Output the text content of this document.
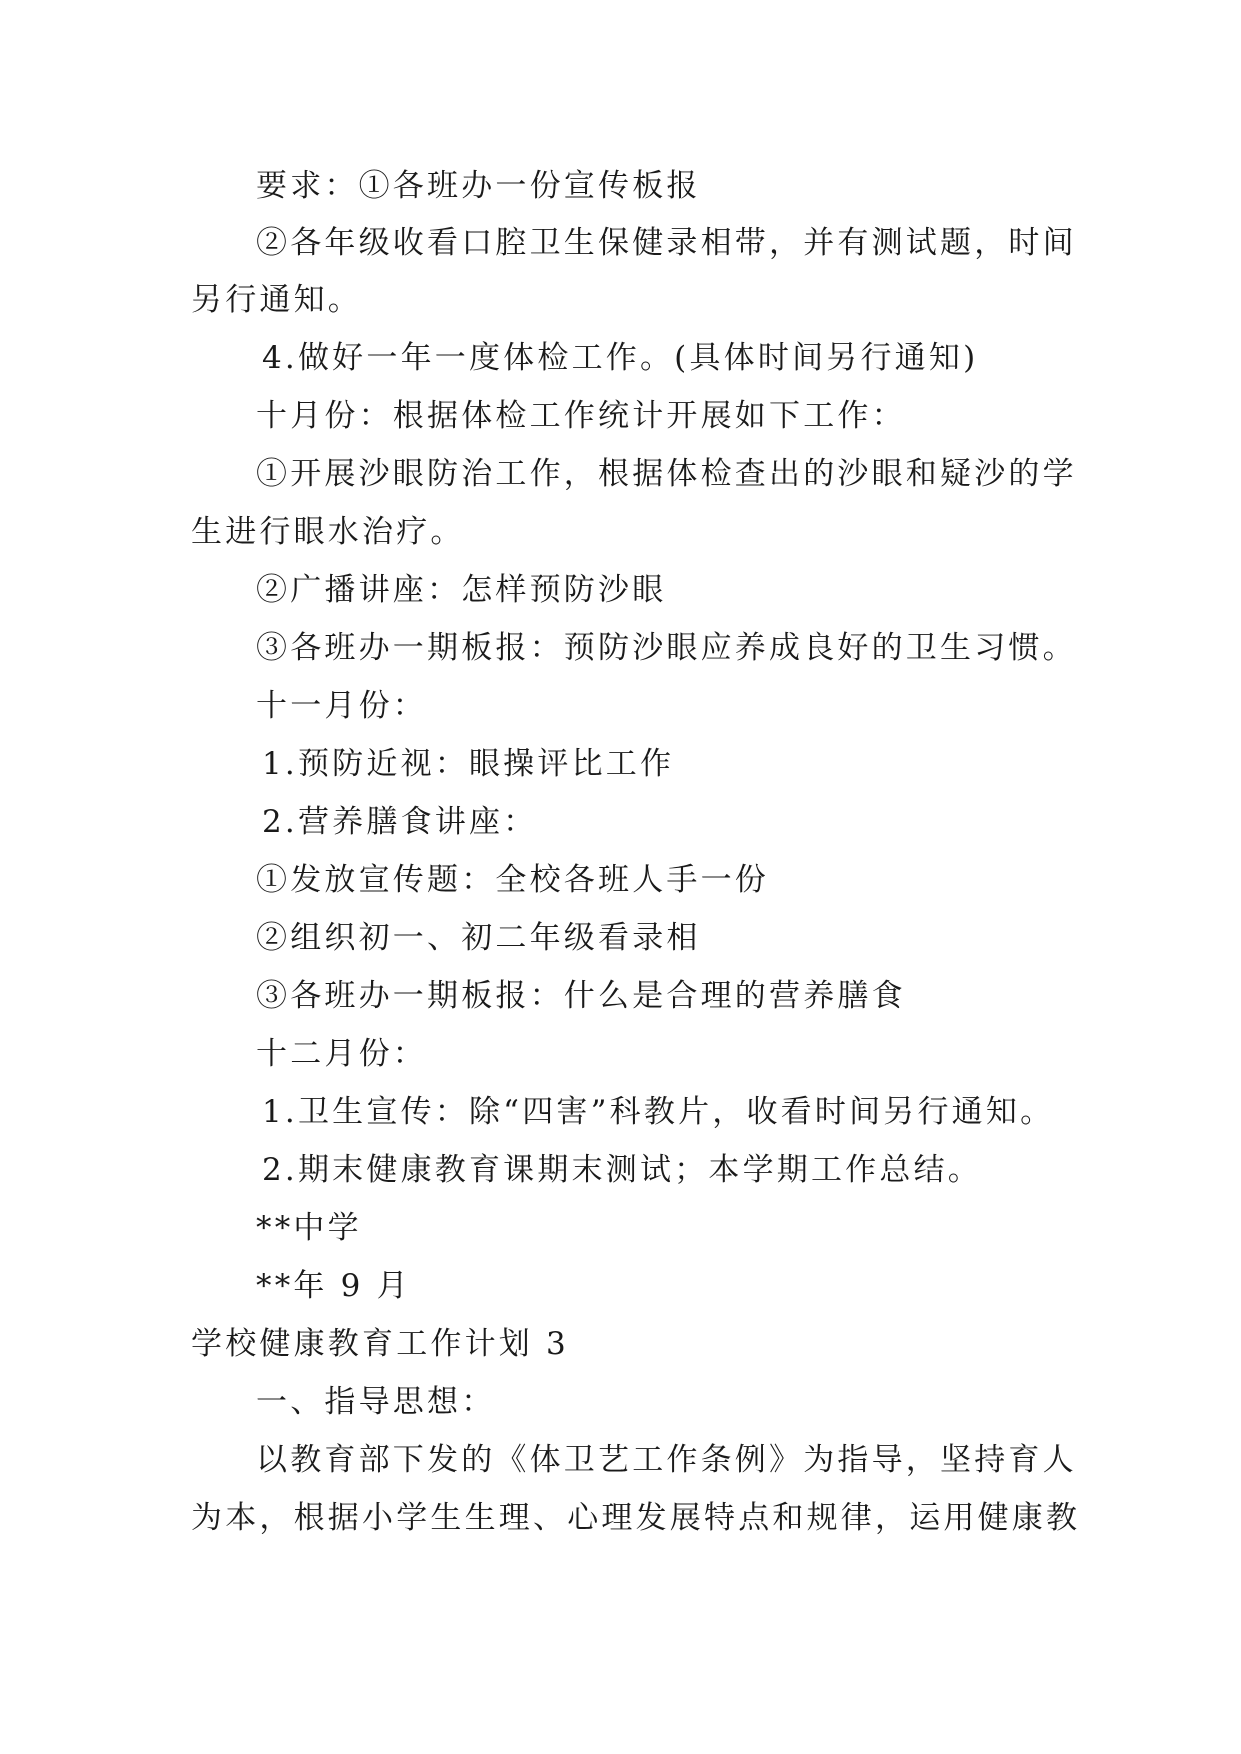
要求：①各班办一份宣传板报
②各年级收看口腔卫生保健录相带，并有测试题，时间
另行通知。
4.做好一年一度体检工作。(具体时间另行通知)
十月份：根据体检工作统计开展如下工作：
①开展沙眼防治工作，根据体检查出的沙眼和疑沙的学
生进行眼水治疗。
②广播讲座：怎样预防沙眼
③各班办一期板报：预防沙眼应养成良好的卫生习惯。
十一月份：
1.预防近视：眼操评比工作
2.营养膳食讲座：
①发放宣传题：全校各班人手一份
②组织初一、初二年级看录相
③各班办一期板报：什么是合理的营养膳食
十二月份：
1.卫生宣传：除“四害”科教片，收看时间另行通知。
2.期末健康教育课期末测试；本学期工作总结。
**中学
**年 9 月
学校健康教育工作计划 3
一、指导思想：
以教育部下发的《体卫艺工作条例》为指导，坚持育人
为本，根据小学生生理、心理发展特点和规律，运用健康教
